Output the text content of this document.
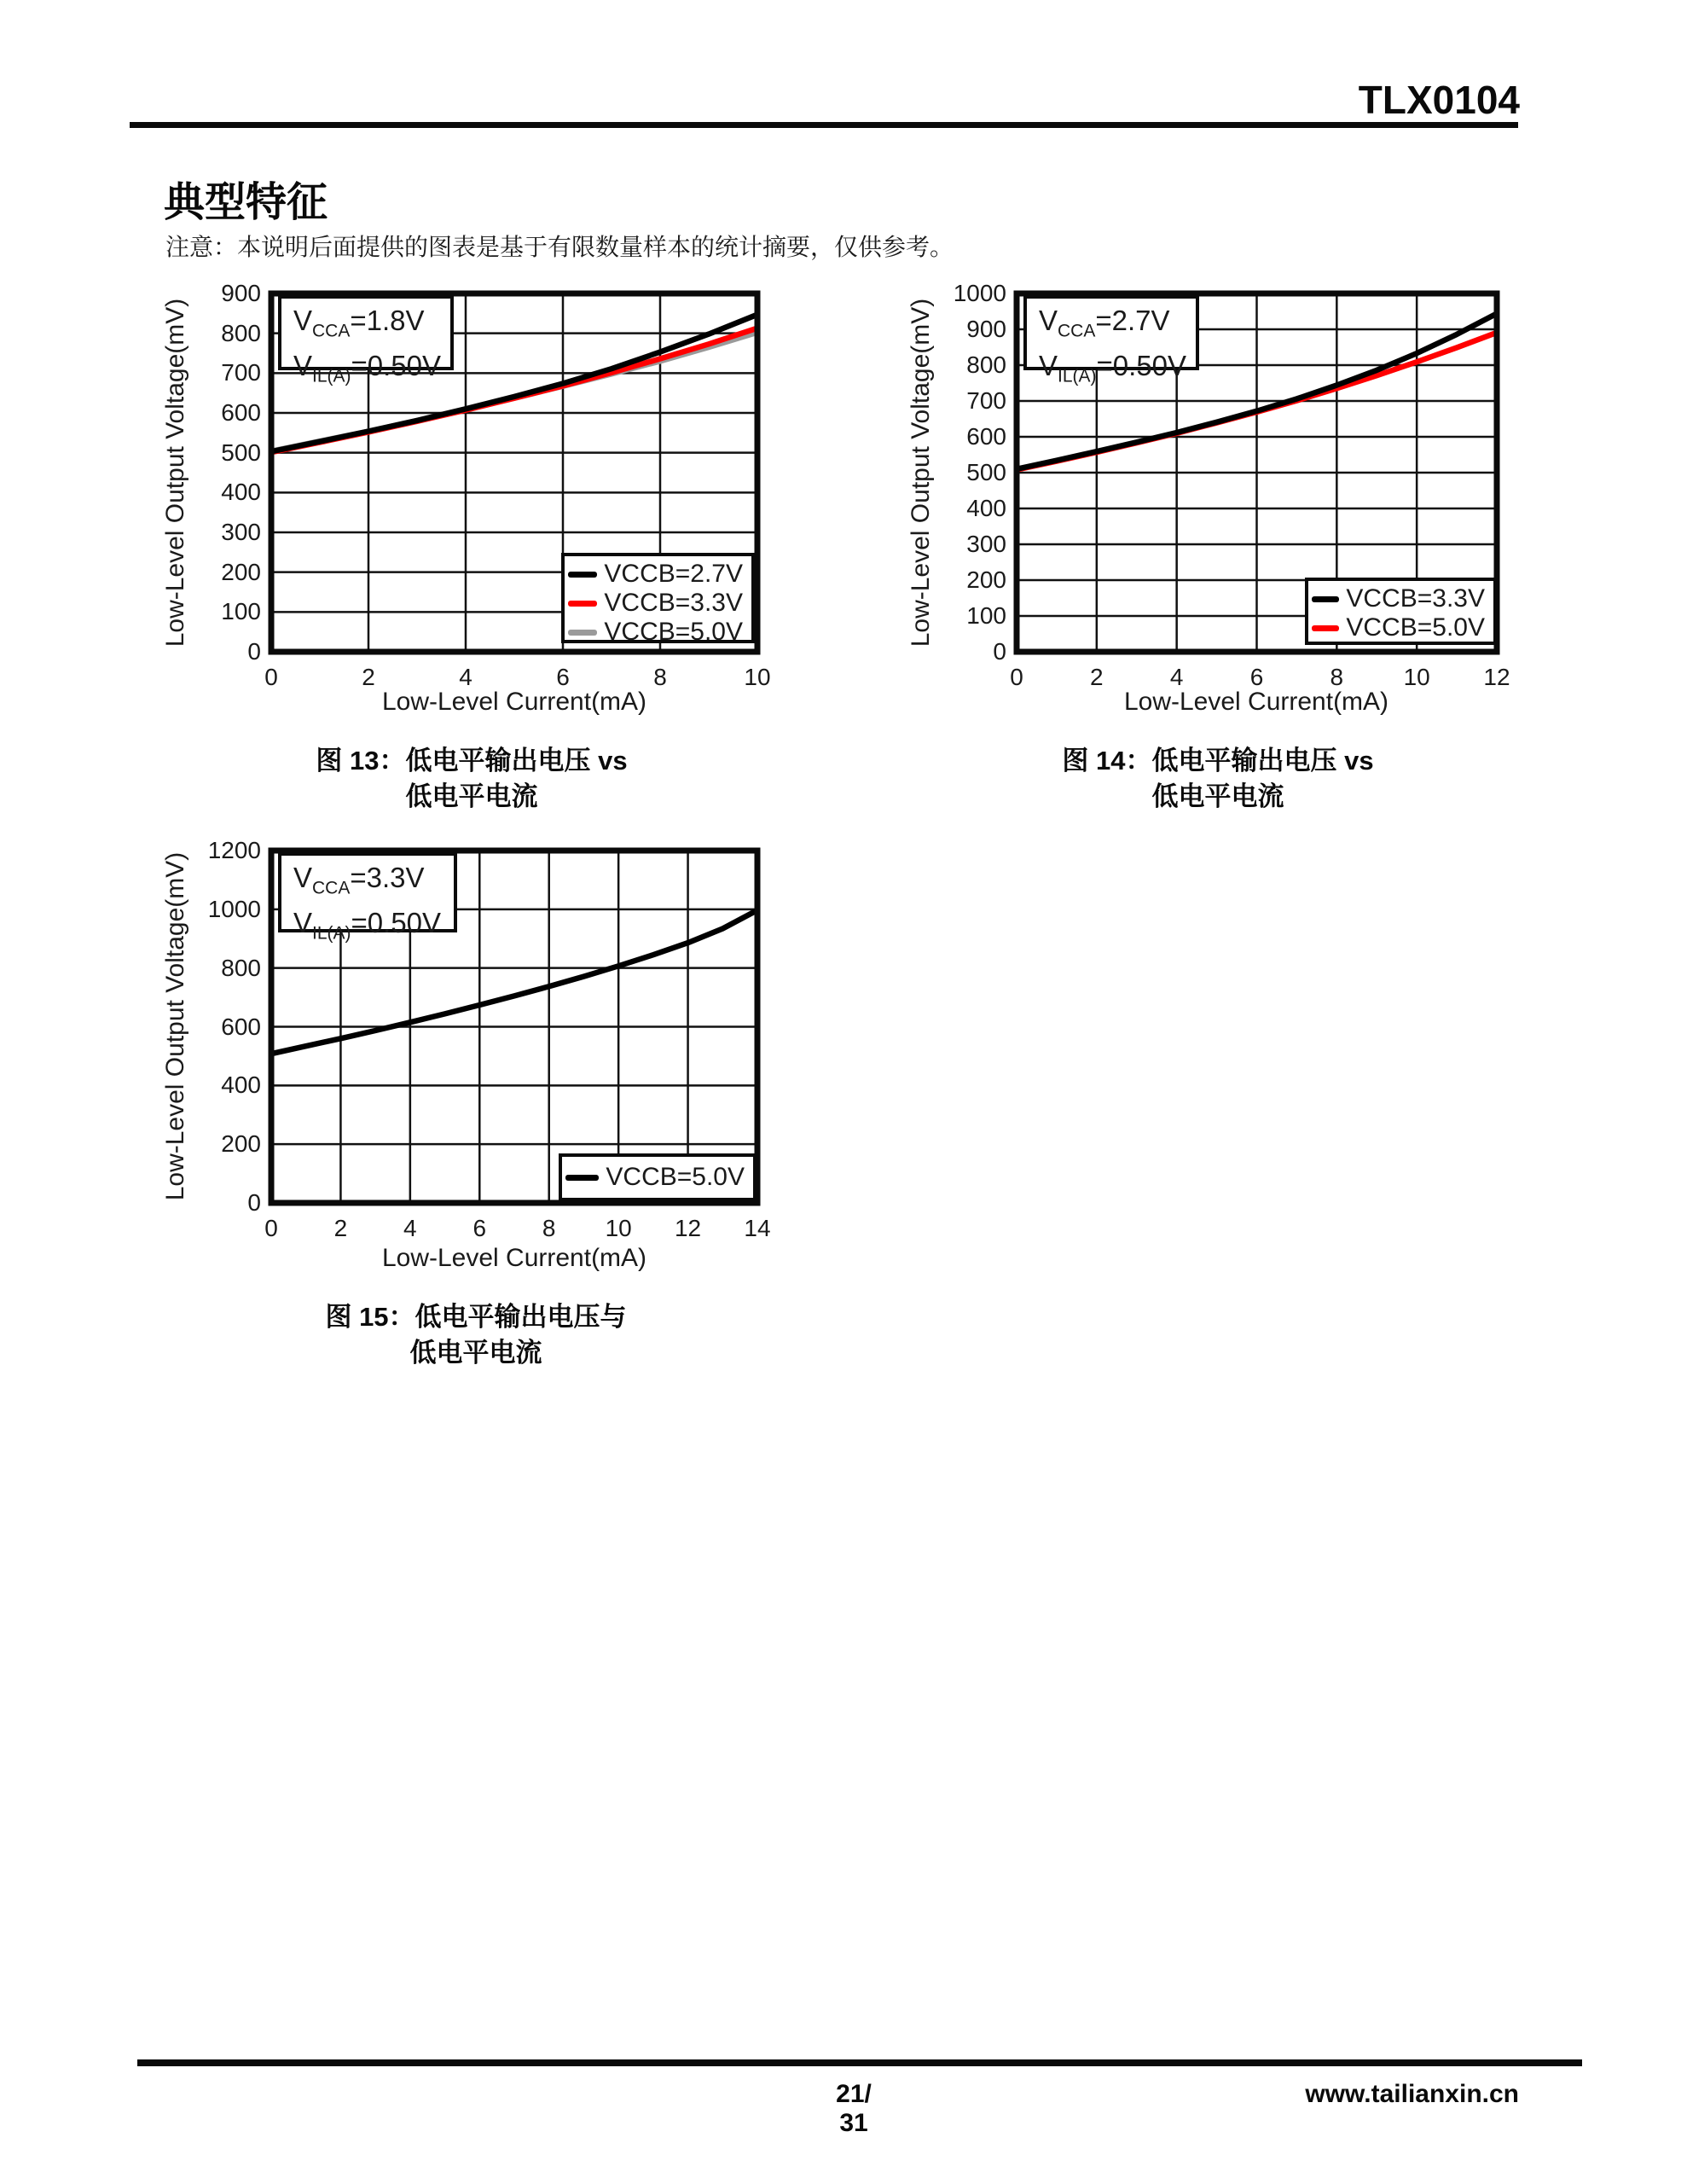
TLX0104
典型特征
注意：本说明后面提供的图表是基于有限数量样本的统计摘要，仅供参考。
Low-Level Output Voltage(mV)
Low-Level Current(mA)
图 13：低电平输出电压 vs
低电平电流
0
100
200
300
400
500
600
700
800
900
0	2	4	6	8	10
$V_{CCA}=1.8V$
$V_{IL(A)}=0.50V$
VCCB=2.7V
VCCB=3.3V
VCCB=5.0V	Low-Level Output Voltage(mV)
Low-Level Current(mA)
图 14：低电平输出电压 vs
低电平电流
0
100
200
300
400
500
600
700
800
900
1000
0	2	4	6	8	10 12
$V_{CCA}=2.7V$
$V_{IL(A)}=0.50V$
VCCB=3.3V
VCCB=5.0V
Low-Level Output Voltage(mV)
Low-Level Current(mA)
图 15：低电平输出电压与
低电平电流
0
200
400
600
800
1000
1200
0 2 4 6 8 10 12 14
$V_{CCA}=3.3V$
$V_{IL(A)}=0.50V$
VCCB=5.0V
21/ 31
www.tailianxin.cn
